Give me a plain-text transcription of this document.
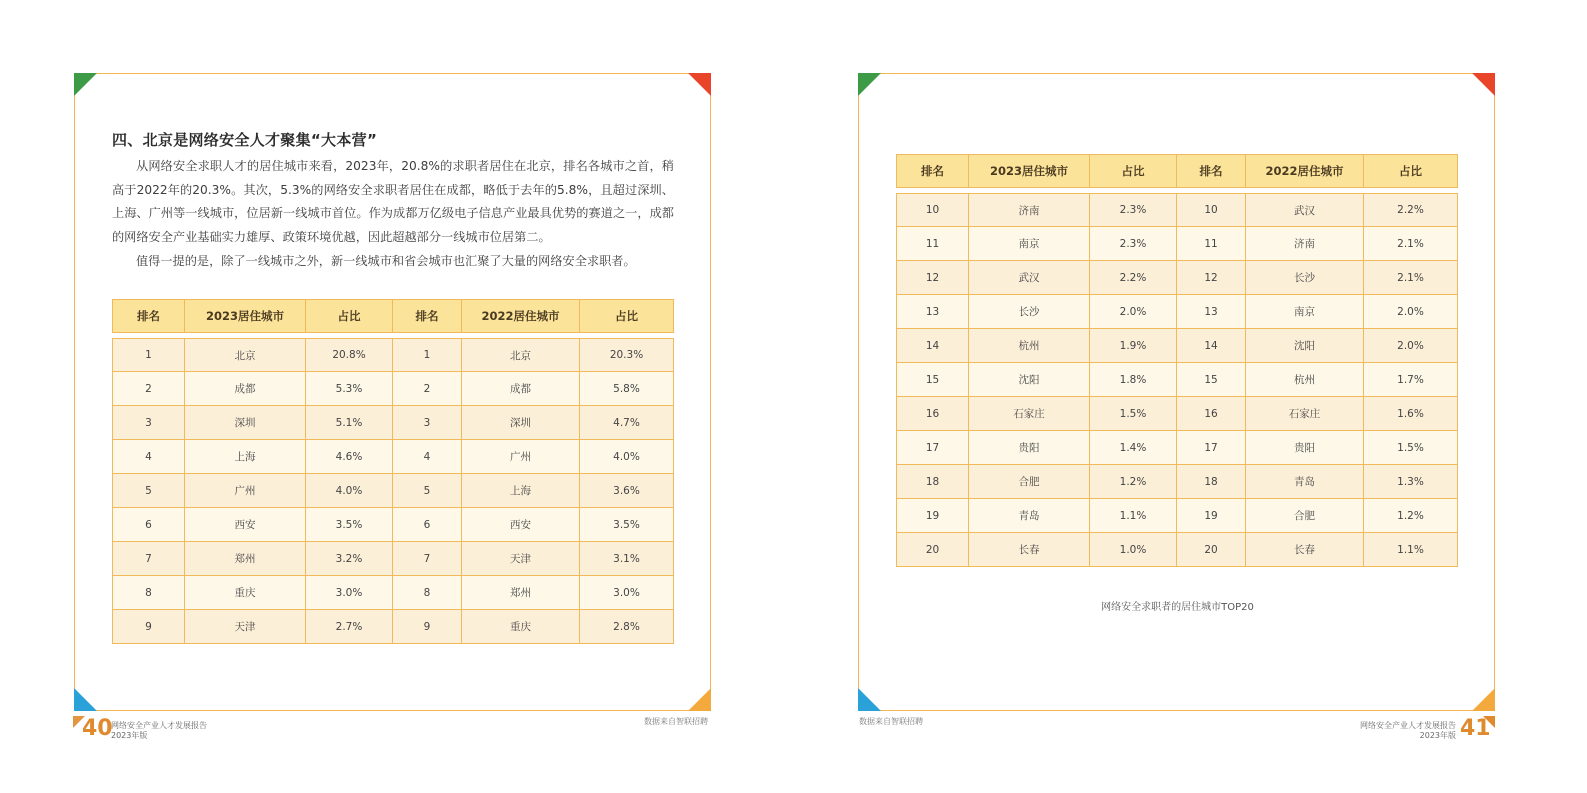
四、北京是网络安全人才聚集“大本营”

从网络安全求职人才的居住城市来看，2023年，20.8%的求职者居住在北京，排名各城市之首，稍高于2022年的20.3%。其次，5.3%的网络安全求职者居住在成都，略低于去年的5.8%，且超过深圳、上海、广州等一线城市，位居新一线城市首位。作为成都万亿级电子信息产业最具优势的赛道之一，成都的网络安全产业基础实力雄厚、政策环境优越，因此超越部分一线城市位居第二。

值得一提的是，除了一线城市之外，新一线城市和省会城市也汇聚了大量的网络安全求职者。

排名	2023居住城市	占比	排名	2022居住城市	占比

1	北京	20.8%	1	北京	20.3%
2	成都	5.3%	2	成都	5.8%
3	深圳	5.1%	3	深圳	4.7%
4	上海	4.6%	4	广州	4.0%
5	广州	4.0%	5	上海	3.6%
6	西安	3.5%	6	西安	3.5%
7	郑州	3.2%	7	天津	3.1%
8	重庆	3.0%	8	郑州	3.0%
9	天津	2.7%	9	重庆	2.8%
排名	2023居住城市	占比	排名	2022居住城市	占比

10	济南	2.3%	10	武汉	2.2%
11	南京	2.3%	11	济南	2.1%
12	武汉	2.2%	12	长沙	2.1%
13	长沙	2.0%	13	南京	2.0%
14	杭州	1.9%	14	沈阳	2.0%
15	沈阳	1.8%	15	杭州	1.7%
16	石家庄	1.5%	16	石家庄	1.6%
17	贵阳	1.4%	17	贵阳	1.5%
18	合肥	1.2%	18	青岛	1.3%
19	青岛	1.1%	19	合肥	1.2%
20	长春	1.0%	20	长春	1.1%
网络安全求职者的居住城市TOP20
40
网络安全产业人才发展报告
2023年版
数据来自智联招聘	数据来自智联招聘	网络安全产业人才发展报告
2023年版 41
